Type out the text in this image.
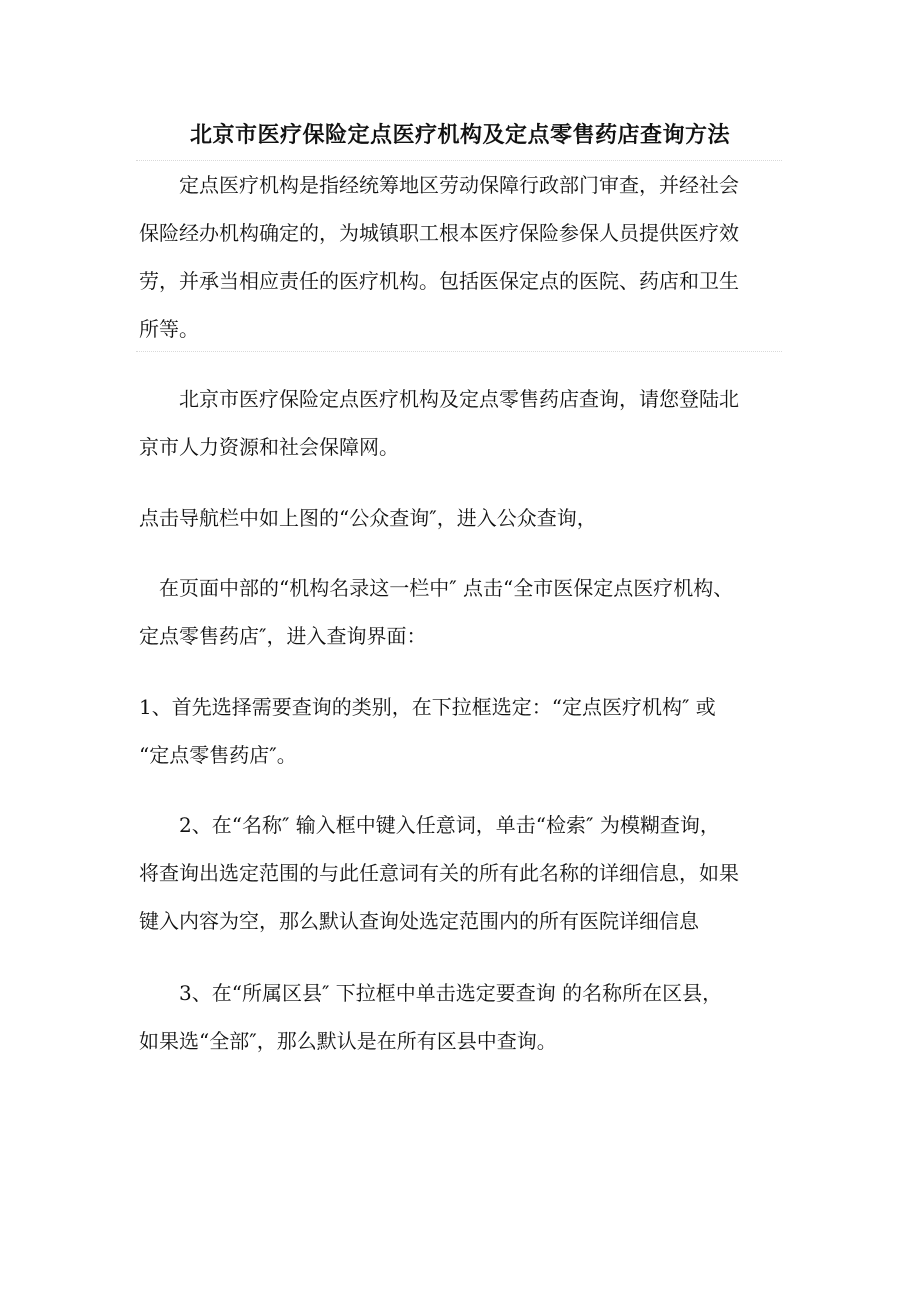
北京市医疗保险定点医疗机构及定点零售药店查询方法

　　定点医疗机构是指经统筹地区劳动保障行政部门审查，并经社会
保险经办机构确定的，为城镇职工根本医疗保险参保人员提供医疗效
劳，并承当相应责任的医疗机构。包括医保定点的医院、药店和卫生
所等。

　　北京市医疗保险定点医疗机构及定点零售药店查询，请您登陆北
京市人力资源和社会保障网。

点击导航栏中如上图的“公众查询″，进入公众查询，

　在页面中部的“机构名录这一栏中″ 点击“全市医保定点医疗机构、
定点零售药店″，进入查询界面：

1、首先选择需要查询的类别，在下拉框选定：“定点医疗机构″ 或
“定点零售药店″。

　　2、在“名称″ 输入框中键入任意词，单击“检索″ 为模糊查询，
将查询出选定范围的与此任意词有关的所有此名称的详细信息，如果
键入内容为空，那么默认查询处选定范围内的所有医院详细信息

　　3、在“所属区县″ 下拉框中单击选定要查询 的名称所在区县，
如果选“全部″，那么默认是在所有区县中查询。
